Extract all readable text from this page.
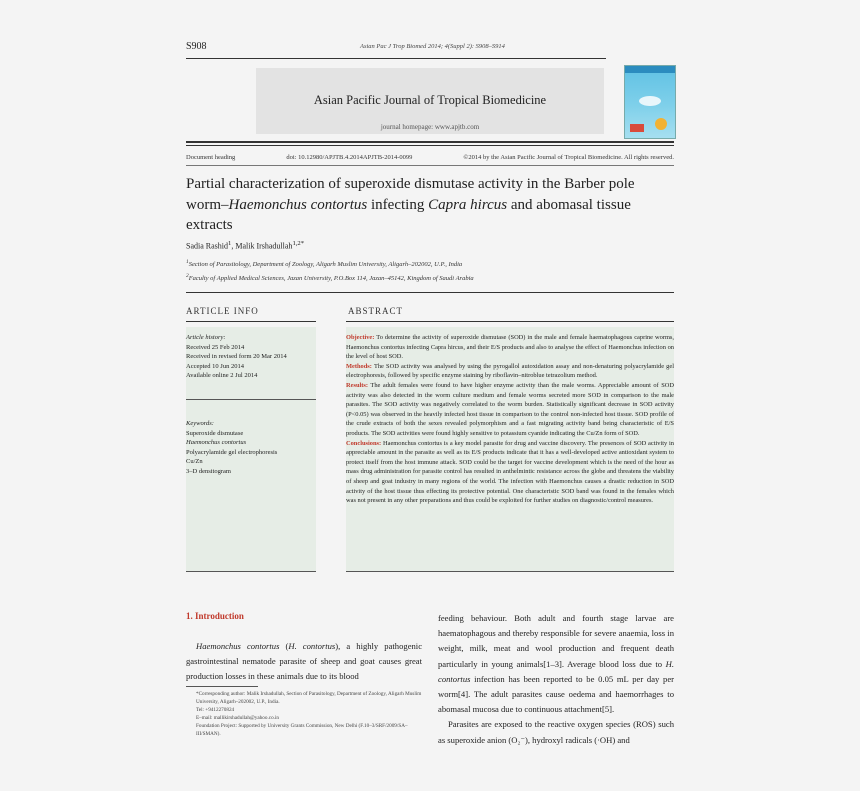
S908	Asian Pac J Trop Biomed 2014; 4(Suppl 2): S908–S914
Asian Pacific Journal of Tropical Biomedicine
journal homepage: www.apjtb.com
Document heading	doi: 10.12980/APJTB.4.2014APJTB-2014-0099	©2014 by the Asian Pacific Journal of Tropical Biomedicine. All rights reserved.
Partial characterization of superoxide dismutase activity in the Barber pole worm–Haemonchus contortus infecting Capra hircus and abomasal tissue extracts
Sadia Rashid$^1$, Malik Irshadullah$^{1,2*}$
$^1$Section of Parasitology, Department of Zoology, Aligarh Muslim University, Aligarh–202002, U.P., India
$^2$Faculty of Applied Medical Sciences, Jazan University, P.O.Box 114, Jazan–45142, Kingdom of Saudi Arabia
ARTICLE INFO	ABSTRACT
Article history:
Received 25 Feb 2014
Received in revised form 20 Mar 2014
Accepted 10 Jun 2014
Available online 2 Jul 2014
Keywords:
Superoxide dismutase
Haemonchus contortus
Polyacrylamide gel electrophoresis
Cu/Zn
3–D densitogram

Objective: To determine the activity of superoxide dismutase (SOD) in the male and female haematophagous caprine worms, Haemonchus contortus infecting Capra hircus, and their E/S products and also to analyse the effect of Haemonchus infection on the level of host SOD.

Methods: The SOD activity was analysed by using the pyrogallol autoxidation assay and non-denaturing polyacrylamide gel electrophoresis, followed by specific enzyme staining by riboflavin–nitroblue tetrazolium method.

Results: The adult females were found to have higher enzyme activity than the male worms. Appreciable amount of SOD activity was also detected in the worm culture medium and female worms secreted more SOD in comparison to the male parasites. The SOD activity was negatively correlated to the worm burden. Statistically significant decrease in SOD activity (P<0.05) was observed in the heavily infected host tissue in comparison to the control non-infected host tissue. SOD profile of the crude extracts of both the sexes revealed polymorphism and a fast migrating activity band being characteristic of E/S products. The SOD activities were found highly sensitive to potassium cyanide indicating the Cu/Zn form of SOD.

Conclusions: Haemonchus contortus is a key model parasite for drug and vaccine discovery. The presences of SOD activity in appreciable amount in the parasite as well as its E/S products indicate that it has a well-developed active antioxidant system to protect itself from the host immune attack. SOD could be the target for vaccine development which is the need of the hour as mass drug administration for parasite control has resulted in anthelmintic resistance across the globe and threatens the viability of sheep and goat industry in many regions of the world. The infection with Haemonchus causes a drastic reduction in SOD activity of the host tissue thus effecting its protective potential. One characteristic SOD band was found in the females which was not present in any other preparations and thus could be exploited for further studies on diagnostic/control measures.

1. Introduction

Haemonchus contortus (H. contortus), a highly pathogenic gastrointestinal nematode parasite of sheep and goat causes great production losses in these animals due to its blood

*Corresponding author: Malik Irshadullah, Section of Parasitology, Department of Zoology, Aligarh Muslim University, Aligarh–202002, U.P., India.
Tel: +9412270824
E–mail: mallikirshadullah@yahoo.co.in
Foundation Project: Supported by University Grants Commission, New Delhi (F.10–3/SRF/2009/SA–III/SMAN).

feeding behaviour. Both adult and fourth stage larvae are haematophagous and thereby responsible for severe anaemia, loss in weight, milk, meat and wool production and frequent death particularly in young animals[1–3]. Average blood loss due to H. contortus infection has been reported to be 0.05 mL per day per worm[4]. The adult parasites cause oedema and haemorrhages to abomasal mucosa due to continuous attachment[5].

Parasites are exposed to the reactive oxygen species (ROS) such as superoxide anion (O₂⁻), hydroxyl radicals (·OH) and
